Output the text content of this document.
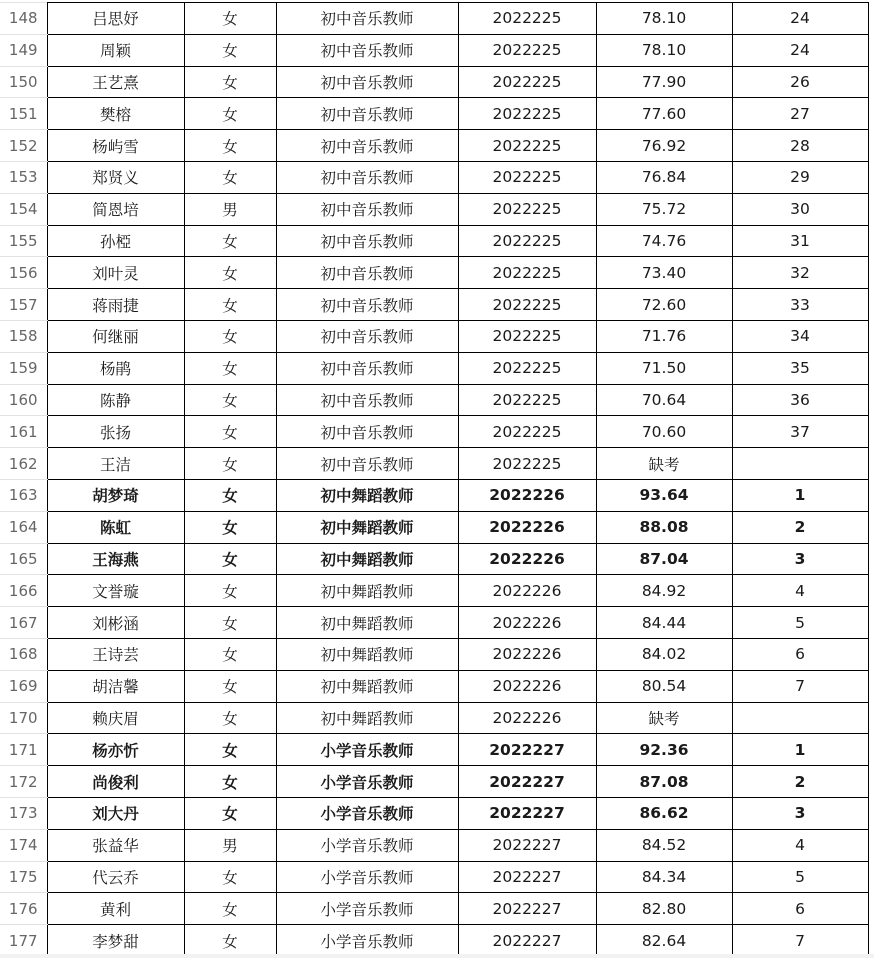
148	吕思妤	女	初中音乐教师	2022225	78.10	24
149	周颖	女	初中音乐教师	2022225	78.10	24
150	王艺熹	女	初中音乐教师	2022225	77.90	26
151	樊榕	女	初中音乐教师	2022225	77.60	27
152	杨屿雪	女	初中音乐教师	2022225	76.92	28
153	郑贤义	女	初中音乐教师	2022225	76.84	29
154	简恩培	男	初中音乐教师	2022225	75.72	30
155	孙椏	女	初中音乐教师	2022225	74.76	31
156	刘叶灵	女	初中音乐教师	2022225	73.40	32
157	蒋雨捷	女	初中音乐教师	2022225	72.60	33
158	何继丽	女	初中音乐教师	2022225	71.76	34
159	杨鹃	女	初中音乐教师	2022225	71.50	35
160	陈静	女	初中音乐教师	2022225	70.64	36
161	张扬	女	初中音乐教师	2022225	70.60	37
162	王洁	女	初中音乐教师	2022225	缺考	
163	胡梦琦	女	初中舞蹈教师	2022226	93.64	1
164	陈虹	女	初中舞蹈教师	2022226	88.08	2
165	王海燕	女	初中舞蹈教师	2022226	87.04	3
166	文誉璇	女	初中舞蹈教师	2022226	84.92	4
167	刘彬涵	女	初中舞蹈教师	2022226	84.44	5
168	王诗芸	女	初中舞蹈教师	2022226	84.02	6
169	胡洁馨	女	初中舞蹈教师	2022226	80.54	7
170	赖庆眉	女	初中舞蹈教师	2022226	缺考	
171	杨亦忻	女	小学音乐教师	2022227	92.36	1
172	尚俊利	女	小学音乐教师	2022227	87.08	2
173	刘大丹	女	小学音乐教师	2022227	86.62	3
174	张益华	男	小学音乐教师	2022227	84.52	4
175	代云乔	女	小学音乐教师	2022227	84.34	5
176	黄利	女	小学音乐教师	2022227	82.80	6
177	李梦甜	女	小学音乐教师	2022227	82.64	7
